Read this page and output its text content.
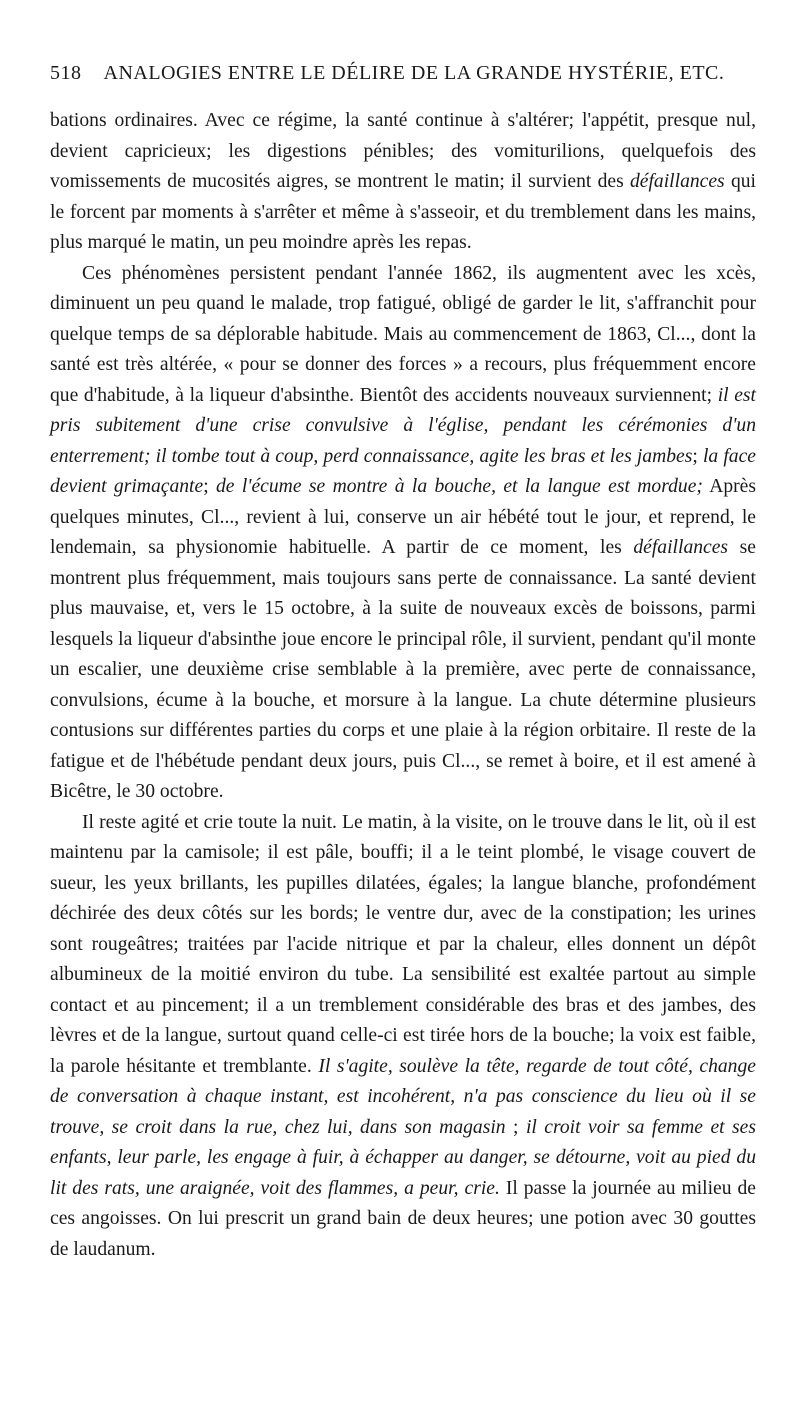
518 ANALOGIES ENTRE LE DÉLIRE DE LA GRANDE HYSTÉRIE, ETC.

bations ordinaires. Avec ce régime, la santé continue à s'altérer; l'appétit, presque nul, devient capricieux; les digestions pénibles; des vomiturilions, quelquefois des vomissements de mucosités aigres, se montrent le matin; il survient des défaillances qui le forcent par moments à s'arrêter et même à s'asseoir, et du tremblement dans les mains, plus marqué le matin, un peu moindre après les repas.

Ces phénomènes persistent pendant l'année 1862, ils augmentent avec les xcès, diminuent un peu quand le malade, trop fatigué, obligé de garder le lit, s'affranchit pour quelque temps de sa déplorable habitude. Mais au commencement de 1863, Cl..., dont la santé est très altérée, « pour se donner des forces » a recours, plus fréquemment encore que d'habitude, à la liqueur d'absinthe. Bientôt des accidents nouveaux surviennent; il est pris subitement d'une crise convulsive à l'église, pendant les cérémonies d'un enterrement; il tombe tout à coup, perd connaissance, agite les bras et les jambes; la face devient grimaçante; de l'écume se montre à la bouche, et la langue est mordue; Après quelques minutes, Cl..., revient à lui, conserve un air hébété tout le jour, et reprend, le lendemain, sa physionomie habituelle. A partir de ce moment, les défaillances se montrent plus fréquemment, mais toujours sans perte de connaissance. La santé devient plus mauvaise, et, vers le 15 octobre, à la suite de nouveaux excès de boissons, parmi lesquels la liqueur d'absinthe joue encore le principal rôle, il survient, pendant qu'il monte un escalier, une deuxième crise semblable à la première, avec perte de connaissance, convulsions, écume à la bouche, et morsure à la langue. La chute détermine plusieurs contusions sur différentes parties du corps et une plaie à la région orbitaire. Il reste de la fatigue et de l'hébétude pendant deux jours, puis Cl..., se remet à boire, et il est amené à Bicêtre, le 30 octobre.

Il reste agité et crie toute la nuit. Le matin, à la visite, on le trouve dans le lit, où il est maintenu par la camisole; il est pâle, bouffi; il a le teint plombé, le visage couvert de sueur, les yeux brillants, les pupilles dilatées, égales; la langue blanche, profondément déchirée des deux côtés sur les bords; le ventre dur, avec de la constipation; les urines sont rougeâtres; traitées par l'acide nitrique et par la chaleur, elles donnent un dépôt albumineux de la moitié environ du tube. La sensibilité est exaltée partout au simple contact et au pincement; il a un tremblement considérable des bras et des jambes, des lèvres et de la langue, surtout quand celle-ci est tirée hors de la bouche; la voix est faible, la parole hésitante et tremblante. Il s'agite, soulève la tête, regarde de tout côté, change de conversation à chaque instant, est incohérent, n'a pas conscience du lieu où il se trouve, se croit dans la rue, chez lui, dans son magasin ; il croit voir sa femme et ses enfants, leur parle, les engage à fuir, à échapper au danger, se détourne, voit au pied du lit des rats, une araignée, voit des flammes, a peur, crie. Il passe la journée au milieu de ces angoisses. On lui prescrit un grand bain de deux heures; une potion avec 30 gouttes de laudanum.
